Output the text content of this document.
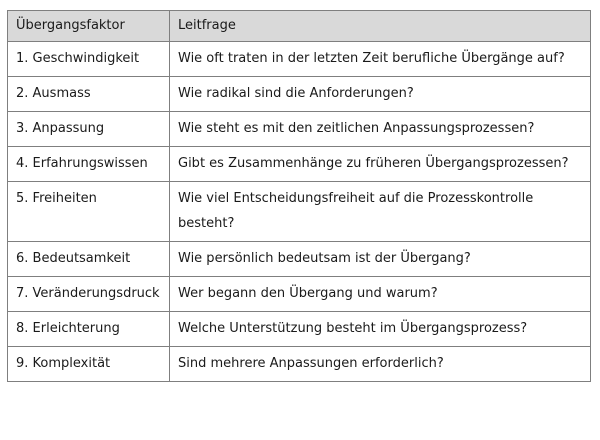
Übergangsfaktor	Leitfrage
1. Geschwindigkeit	Wie oft traten in der letzten Zeit berufliche Übergänge auf?
2. Ausmass	Wie radikal sind die Anforderungen?
3. Anpassung	Wie steht es mit den zeitlichen Anpassungsprozessen?
4. Erfahrungswissen	Gibt es Zusammenhänge zu früheren Übergangsprozessen?
5. Freiheiten	Wie viel Entscheidungsfreiheit auf die Prozesskontrolle besteht?
6. Bedeutsamkeit	Wie persönlich bedeutsam ist der Übergang?
7. Veränderungsdruck	Wer begann den Übergang und warum?
8. Erleichterung	Welche Unterstützung besteht im Übergangsprozess?
9. Komplexität	Sind mehrere Anpassungen erforderlich?
